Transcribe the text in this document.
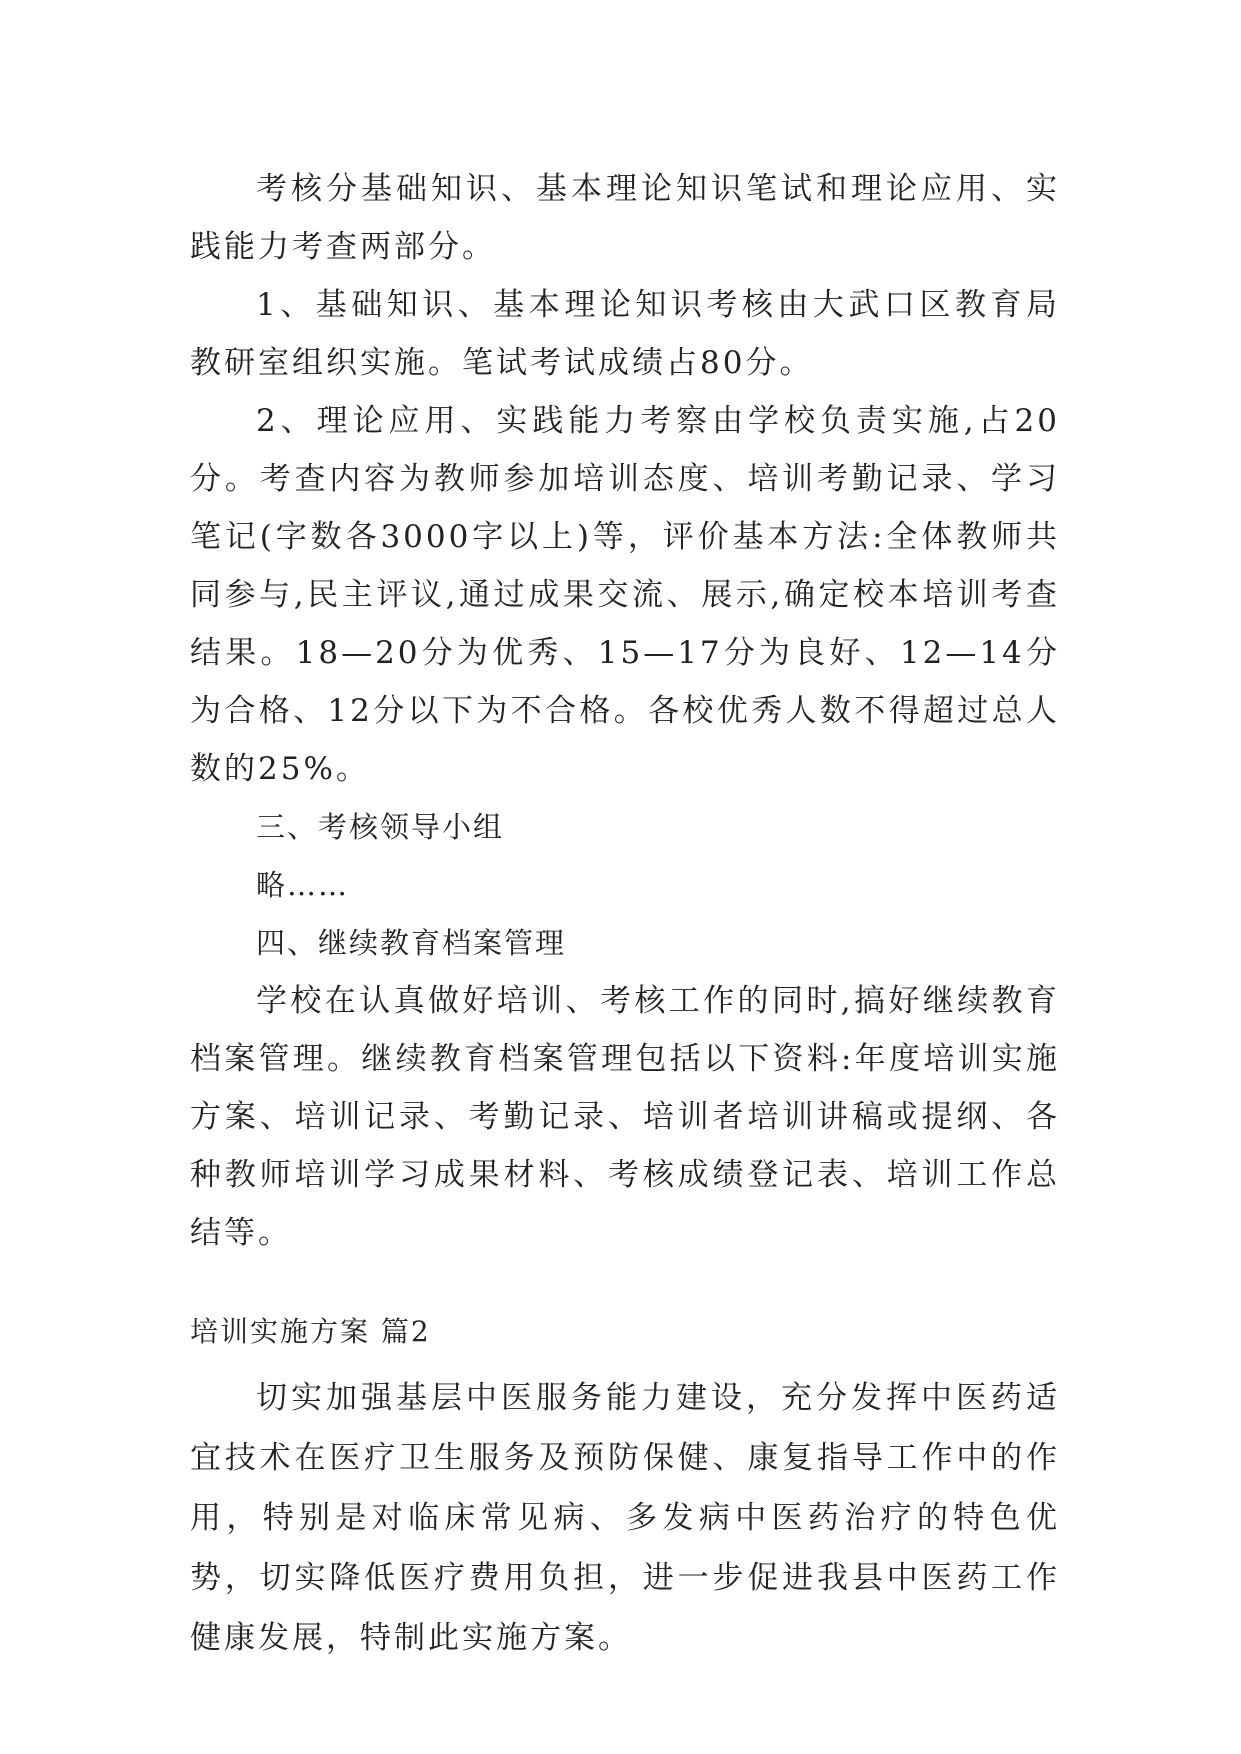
考核分基础知识、基本理论知识笔试和理论应用、实践能力考查两部分。

1、基础知识、基本理论知识考核由大武口区教育局教研室组织实施。笔试考试成绩占80分。

2、理论应用、实践能力考察由学校负责实施,占20分。考查内容为教师参加培训态度、培训考勤记录、学习笔记(字数各3000字以上)等，评价基本方法:全体教师共同参与,民主评议,通过成果交流、展示,确定校本培训考查结果。18—20分为优秀、15—17分为良好、12—14分为合格、12分以下为不合格。各校优秀人数不得超过总人数的25%。

三、考核领导小组

略……

四、继续教育档案管理

学校在认真做好培训、考核工作的同时,搞好继续教育档案管理。继续教育档案管理包括以下资料:年度培训实施方案、培训记录、考勤记录、培训者培训讲稿或提纲、各种教师培训学习成果材料、考核成绩登记表、培训工作总结等。

培训实施方案 篇2

切实加强基层中医服务能力建设，充分发挥中医药适宜技术在医疗卫生服务及预防保健、康复指导工作中的作用，特别是对临床常见病、多发病中医药治疗的特色优势，切实降低医疗费用负担，进一步促进我县中医药工作健康发展，特制此实施方案。
